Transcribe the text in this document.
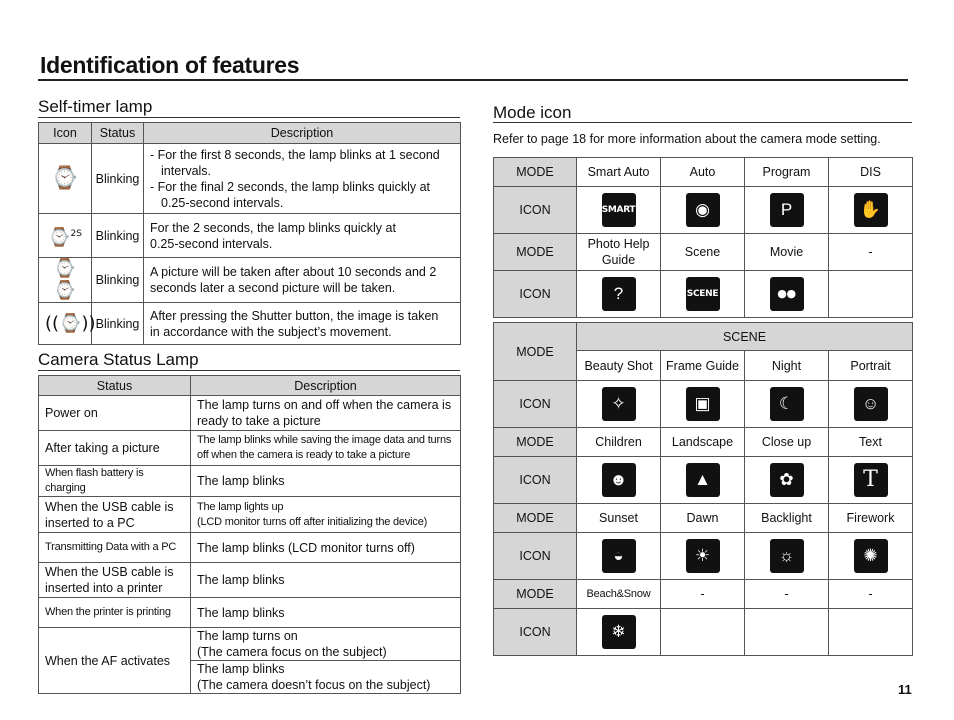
Identification of features
Self-timer lamp
Icon	Status	Description
⌚	Blinking	- For the first 8 seconds, the lamp blinks at 1 second
intervals.
- For the final 2 seconds, the lamp blinks quickly at
0.25-second intervals.

⌚$^{2S}$	Blinking	For the 2 seconds, the lamp blinks quickly at
0.25-second intervals.

⌚⌚	Blinking	A picture will be taken after about 10 seconds and 2
seconds later a second picture will be taken.

((⌚))	Blinking	After pressing the Shutter button, the image is taken
in accordance with the subject’s movement.
Camera Status Lamp
Status	Description
Power on	The lamp turns on and off when the camera is ready to take a picture
After taking a picture	The lamp blinks while saving the image data and turns off when the camera is ready to take a picture
When flash battery is charging	The lamp blinks
When the USB cable is inserted to a PC	The lamp lights up
(LCD monitor turns off after initializing the device)

Transmitting Data with a PC	The lamp blinks (LCD monitor turns off)
When the USB cable is inserted into a printer	The lamp blinks
When the printer is printing	The lamp blinks
When the AF activates	The lamp turns on
(The camera focus on the subject)

	The lamp blinks
(The camera doesn’t focus on the subject)
Mode icon
Refer to page 18 for more information about the camera mode setting.
MODE	Smart Auto	Auto	Program	DIS
ICON	SMART	◉	P	✋
MODE	Photo Help Guide	Scene	Movie	-
ICON	?	SCENE	●●	
MODE	SCENE			
	Beauty Shot	Frame Guide	Night	Portrait
ICON	✧	▣	☾	☺
MODE	Children	Landscape	Close up	Text
ICON	☻	▲	✿	T
MODE	Sunset	Dawn	Backlight	Firework
ICON	◒	☀	☼	✺
MODE	Beach&Snow	-	-	-
ICON	❄			
11
